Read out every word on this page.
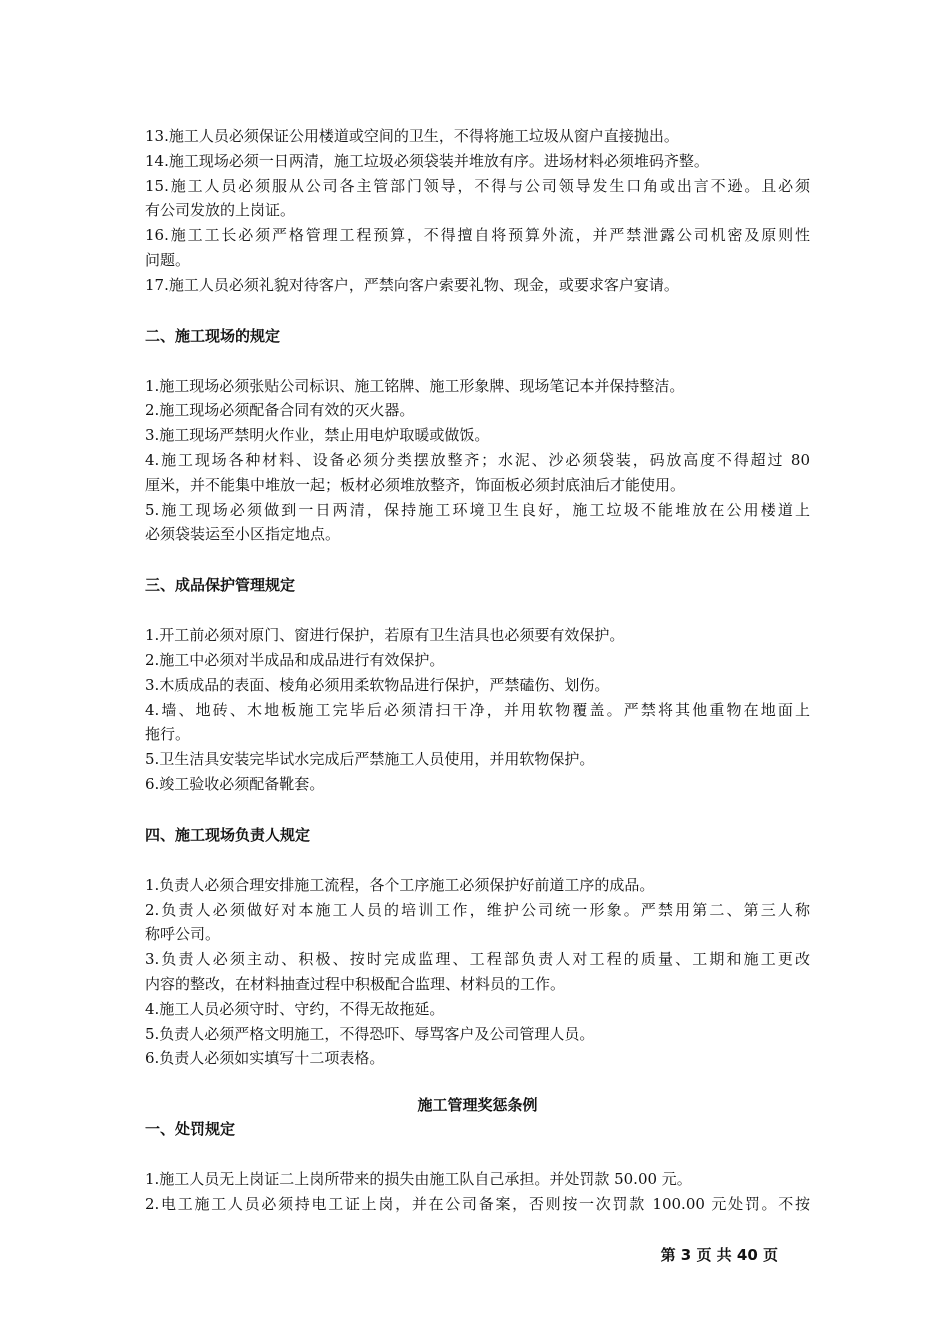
13.施工人员必须保证公用楼道或空间的卫生，不得将施工垃圾从窗户直接抛出。

14.施工现场必须一日两清，施工垃圾必须袋装并堆放有序。进场材料必须堆码齐整。

15.施工人员必须服从公司各主管部门领导，不得与公司领导发生口角或出言不逊。且必须

有公司发放的上岗证。

16.施工工长必须严格管理工程预算，不得擅自将预算外流，并严禁泄露公司机密及原则性

问题。

17.施工人员必须礼貌对待客户，严禁向客户索要礼物、现金，或要求客户宴请。

二、施工现场的规定

1.施工现场必须张贴公司标识、施工铭牌、施工形象牌、现场笔记本并保持整洁。

2.施工现场必须配备合同有效的灭火器。

3.施工现场严禁明火作业，禁止用电炉取暖或做饭。

4.施工现场各种材料、设备必须分类摆放整齐；水泥、沙必须袋装，码放高度不得超过 80

厘米，并不能集中堆放一起；板材必须堆放整齐，饰面板必须封底油后才能使用。

5.施工现场必须做到一日两清，保持施工环境卫生良好，施工垃圾不能堆放在公用楼道上

必须袋装运至小区指定地点。

三、成品保护管理规定

1.开工前必须对原门、窗进行保护，若原有卫生洁具也必须要有效保护。

2.施工中必须对半成品和成品进行有效保护。

3.木质成品的表面、棱角必须用柔软物品进行保护，严禁磕伤、划伤。

4.墙、地砖、木地板施工完毕后必须清扫干净，并用软物覆盖。严禁将其他重物在地面上

拖行。

5.卫生洁具安装完毕试水完成后严禁施工人员使用，并用软物保护。

6.竣工验收必须配备靴套。

四、施工现场负责人规定

1.负责人必须合理安排施工流程，各个工序施工必须保护好前道工序的成品。

2.负责人必须做好对本施工人员的培训工作，维护公司统一形象。严禁用第二、第三人称

称呼公司。

3.负责人必须主动、积极、按时完成监理、工程部负责人对工程的质量、工期和施工更改

内容的整改，在材料抽查过程中积极配合监理、材料员的工作。

4.施工人员必须守时、守约，不得无故拖延。

5.负责人必须严格文明施工，不得恐吓、辱骂客户及公司管理人员。

6.负责人必须如实填写十二项表格。

施工管理奖惩条例

一、处罚规定

1.施工人员无上岗证二上岗所带来的损失由施工队自己承担。并处罚款 50.00 元。

2.电工施工人员必须持电工证上岗，并在公司备案，否则按一次罚款 100.00 元处罚。不按

第 3 页 共 40 页
